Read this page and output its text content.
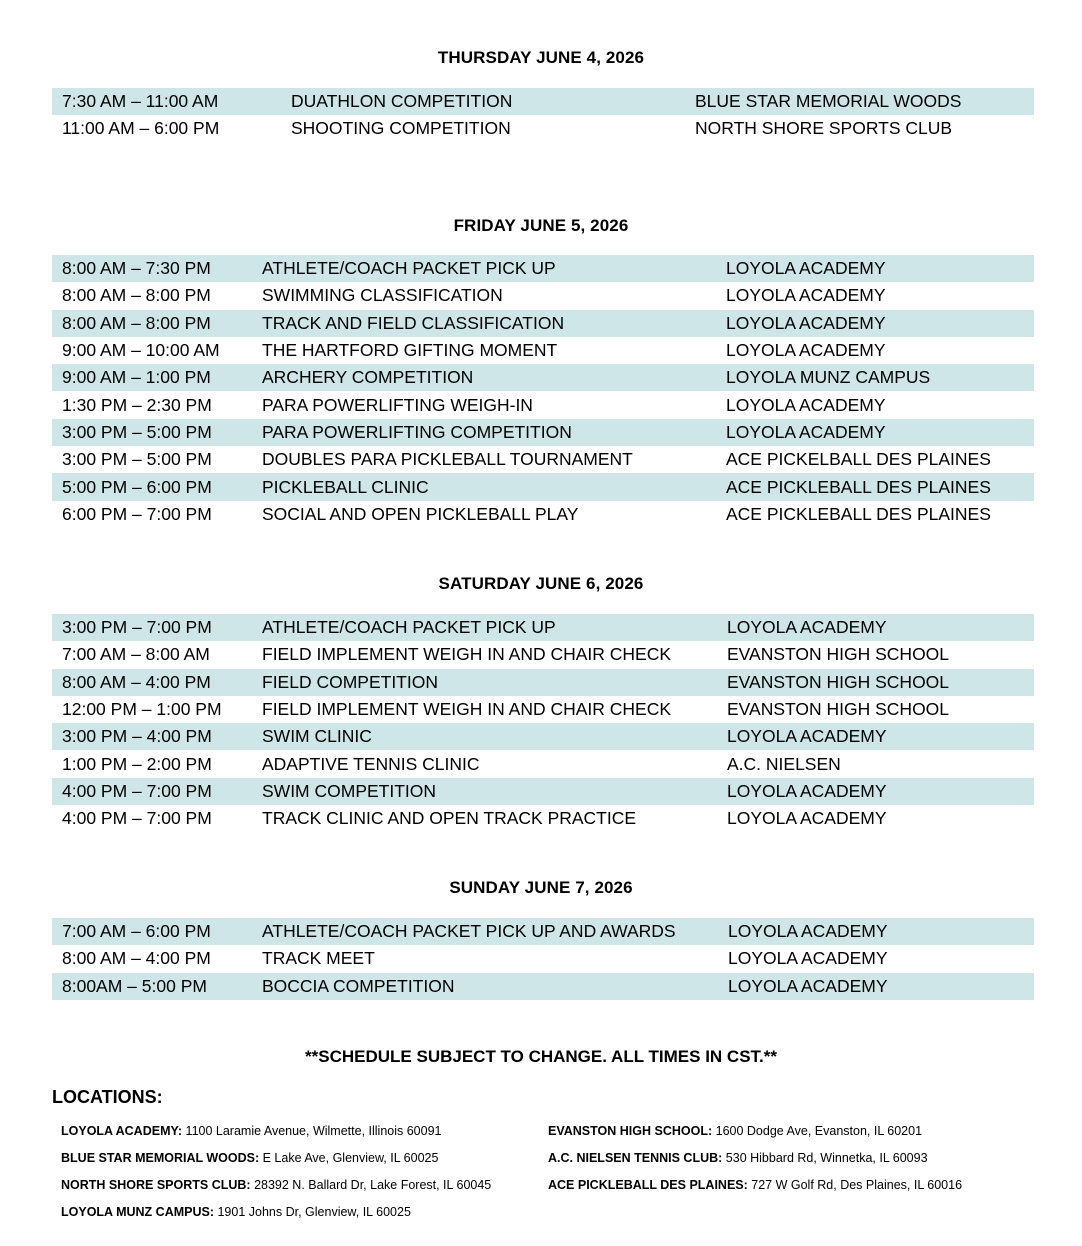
THURSDAY JUNE 4, 2026
7:30 AM – 11:00 AM	DUATHLON COMPETITION	BLUE STAR MEMORIAL WOODS
11:00 AM – 6:00 PM	SHOOTING COMPETITION	NORTH SHORE SPORTS CLUB
FRIDAY JUNE 5, 2026
8:00 AM – 7:30 PM	ATHLETE/COACH PACKET PICK UP	LOYOLA ACADEMY
8:00 AM – 8:00 PM	SWIMMING CLASSIFICATION	LOYOLA ACADEMY
8:00 AM – 8:00 PM	TRACK AND FIELD CLASSIFICATION	LOYOLA ACADEMY
9:00 AM – 10:00 AM THE HARTFORD GIFTING MOMENT	LOYOLA ACADEMY
9:00 AM – 1:00 PM	ARCHERY COMPETITION	LOYOLA MUNZ CAMPUS
1:30 PM – 2:30 PM	PARA POWERLIFTING WEIGH-IN	LOYOLA ACADEMY
3:00 PM – 5:00 PM	PARA POWERLIFTING COMPETITION	LOYOLA ACADEMY
3:00 PM – 5:00 PM	DOUBLES PARA PICKLEBALL TOURNAMENT	ACE PICKELBALL DES PLAINES
5:00 PM – 6:00 PM	PICKLEBALL CLINIC	ACE PICKLEBALL DES PLAINES
6:00 PM – 7:00 PM	SOCIAL AND OPEN PICKLEBALL PLAY	ACE PICKLEBALL DES PLAINES
SATURDAY JUNE 6, 2026
3:00 PM – 7:00 PM	ATHLETE/COACH PACKET PICK UP	LOYOLA ACADEMY
7:00 AM – 8:00 AM	FIELD IMPLEMENT WEIGH IN AND CHAIR CHECK	EVANSTON HIGH SCHOOL
8:00 AM – 4:00 PM	FIELD COMPETITION	EVANSTON HIGH SCHOOL
12:00 PM – 1:00 PM FIELD IMPLEMENT WEIGH IN AND CHAIR CHECK	EVANSTON HIGH SCHOOL
3:00 PM – 4:00 PM	SWIM CLINIC	LOYOLA ACADEMY
1:00 PM – 2:00 PM	ADAPTIVE TENNIS CLINIC	A.C. NIELSEN
4:00 PM – 7:00 PM	SWIM COMPETITION	LOYOLA ACADEMY
4:00 PM – 7:00 PM	TRACK CLINIC AND OPEN TRACK PRACTICE	LOYOLA ACADEMY
SUNDAY JUNE 7, 2026
7:00 AM – 6:00 PM	ATHLETE/COACH PACKET PICK UP AND AWARDS	LOYOLA ACADEMY
8:00 AM – 4:00 PM	TRACK MEET	LOYOLA ACADEMY
8:00AM – 5:00 PM	BOCCIA COMPETITION	LOYOLA ACADEMY
**SCHEDULE SUBJECT TO CHANGE. ALL TIMES IN CST.**
LOCATIONS:
LOYOLA ACADEMY: 1100 Laramie Avenue, Wilmette, Illinois 60091
BLUE STAR MEMORIAL WOODS: E Lake Ave, Glenview, IL 60025
NORTH SHORE SPORTS CLUB: 28392 N. Ballard Dr, Lake Forest, IL 60045
LOYOLA MUNZ CAMPUS: 1901 Johns Dr, Glenview, IL 60025
EVANSTON HIGH SCHOOL: 1600 Dodge Ave, Evanston, IL 60201
A.C. NIELSEN TENNIS CLUB: 530 Hibbard Rd, Winnetka, IL 60093
ACE PICKLEBALL DES PLAINES: 727 W Golf Rd, Des Plaines, IL 60016
